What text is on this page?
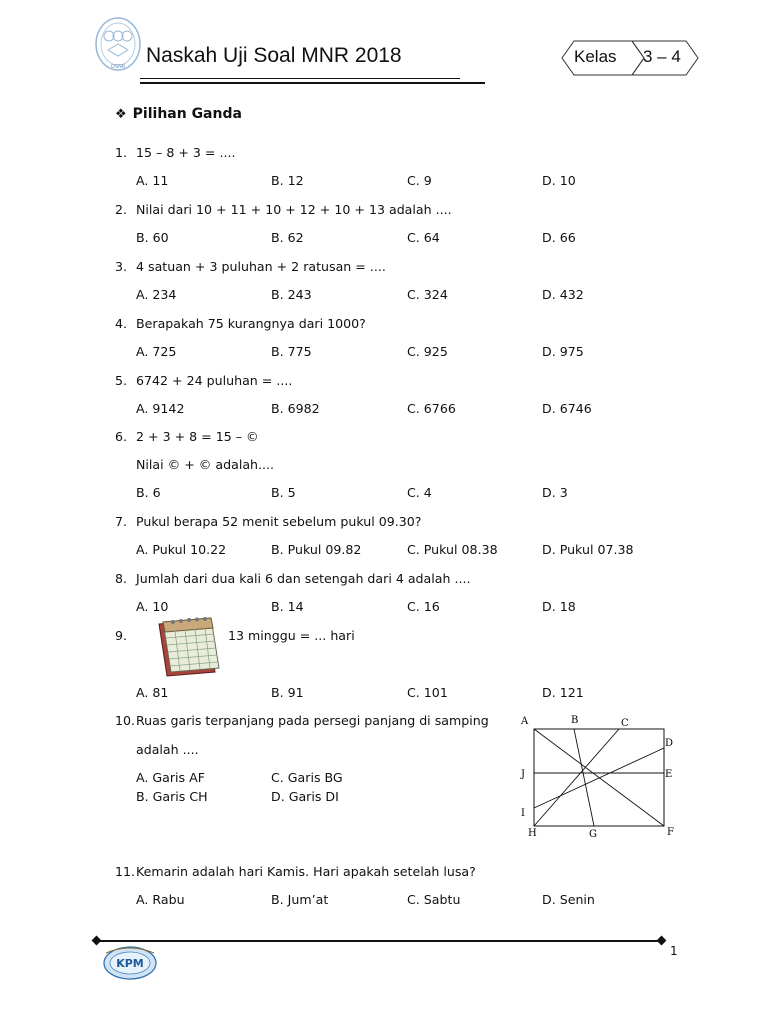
OSNR Naskah Uji Soal MNR 2018	Kelas 3 – 4
❖ Pilihan Ganda
1. 15 – 8 + 3 = ....
A. 11	B. 12	C. 9	D. 10
2. Nilai dari 10 + 11 + 10 + 12 + 10 + 13 adalah ....
B. 60	B. 62	C. 64	D. 66
3. 4 satuan + 3 puluhan + 2 ratusan = ....
A. 234	B. 243	C. 324	D. 432
4. Berapakah 75 kurangnya dari 1000?
A. 725	B. 775	C. 925	D. 975
5. 6742 + 24 puluhan = ....
A. 9142	B. 6982	C. 6766	D. 6746
6. 2 + 3 + 8 = 15 – ©
Nilai © + © adalah....
B. 6	B. 5	C. 4	D. 3
7. Pukul berapa 52 menit sebelum pukul 09.30?
A. Pukul 10.22	B. Pukul 09.82	C. Pukul 08.38	D. Pukul 07.38
8. Jumlah dari dua kali 6 dan setengah dari 4 adalah ....
A. 10	B. 14	C. 16	D. 18
9.	13 minggu = ... hari
A. 81	B. 91	C. 101	D. 121
10. Ruas garis terpanjang pada persegi panjang di samping
adalah ....
A. Garis AF	C. Garis BG
B. Garis CH	D. Garis DI
A	B	C
D
E
F
G
H
I
J
11. Kemarin adalah hari Kamis. Hari apakah setelah lusa?
A. Rabu	B. Jum’at	C. Sabtu	D. Senin
1
KPM
